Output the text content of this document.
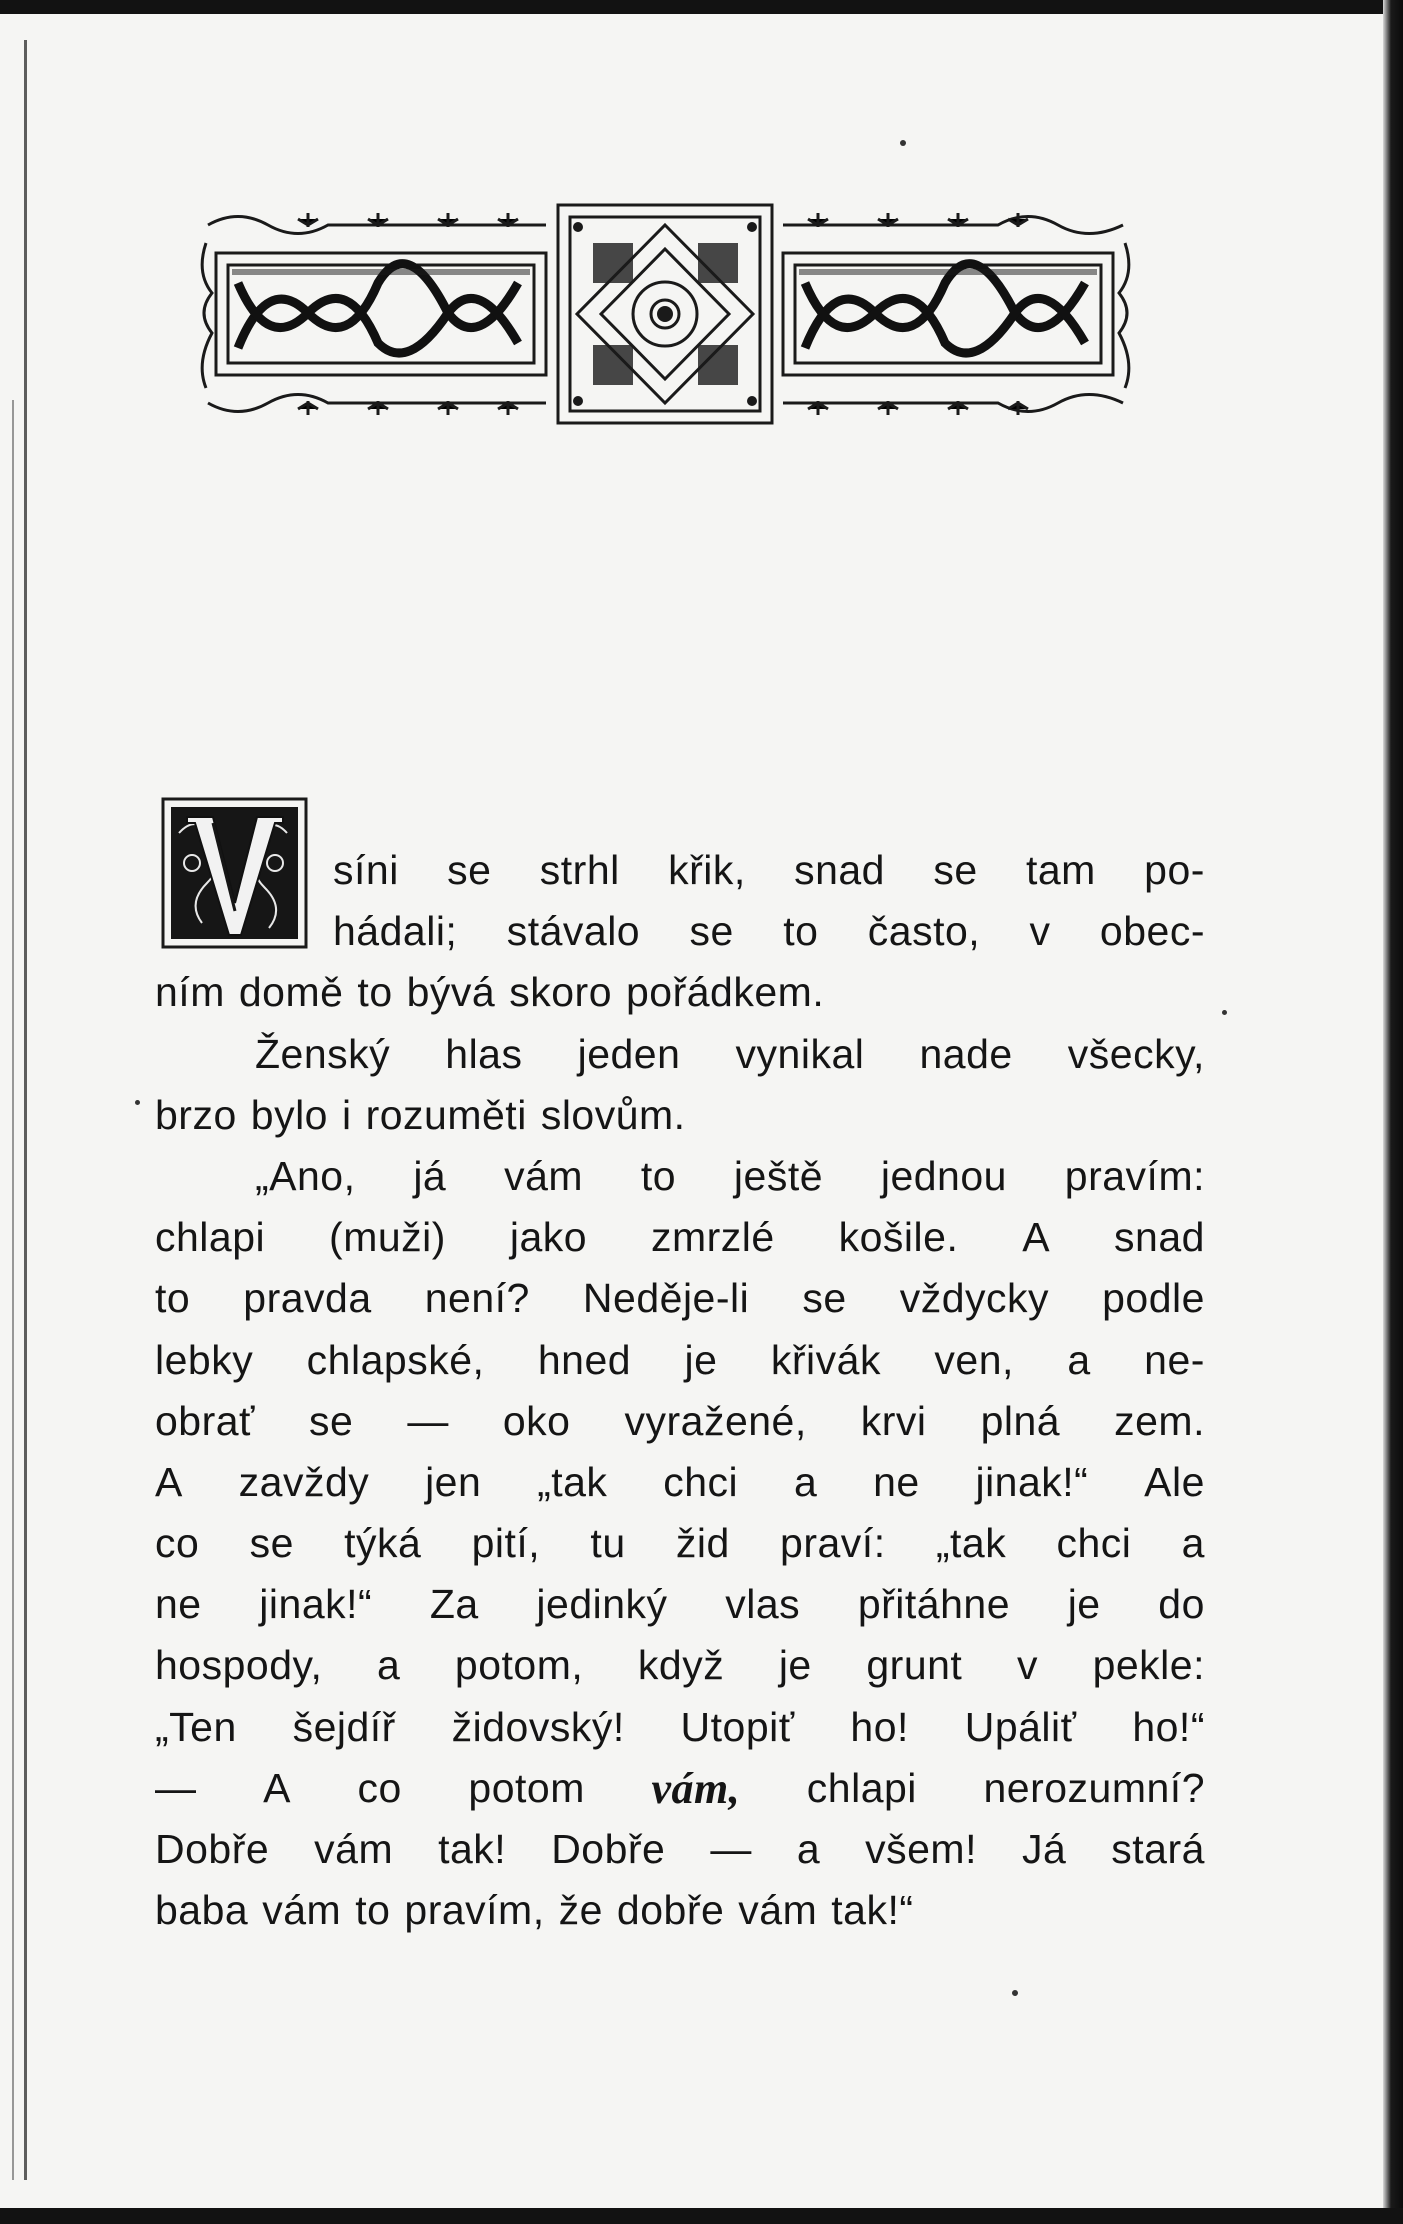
síni se strhl křik, snad se tam po-
hádali; stávalo se to často, v obec-
ním domě to bývá skoro pořádkem.
Ženský hlas jeden vynikal nade všecky,
brzo bylo i rozuměti slovům.
„Ano, já vám to ještě jednou pravím:
chlapi (muži) jako zmrzlé košile. A snad
to pravda není? Neděje-li se vždycky podle
lebky chlapské, hned je křivák ven, a ne-
obrať se — oko vyražené, krvi plná zem.
A zavždy jen „tak chci a ne jinak!“ Ale
co se týká pití, tu žid praví: „tak chci a
ne jinak!“ Za jedinký vlas přitáhne je do
hospody, a potom, když je grunt v pekle:
„Ten šejdíř židovský! Utopiť ho! Upáliť ho!“
— A co potom vám, chlapi nerozumní?
Dobře vám tak! Dobře — a všem! Já stará
baba vám to pravím, že dobře vám tak!“
